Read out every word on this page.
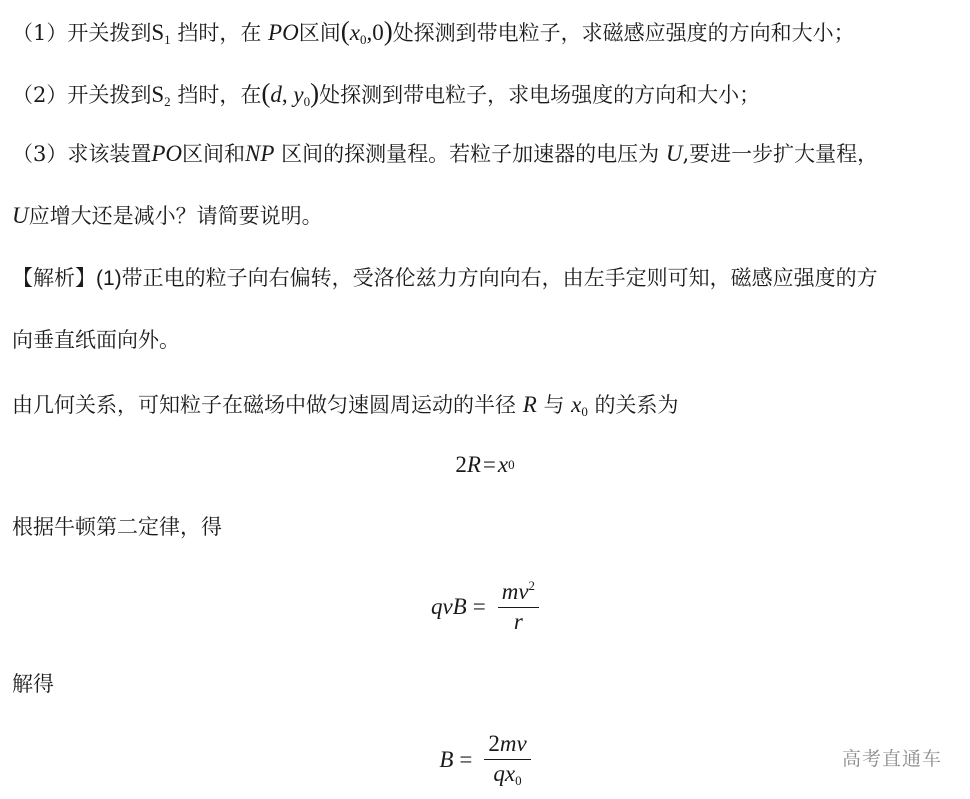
（1）开关拨到$S_1$ 挡时，在 PO区间$(x_0,0)$处探测到带电粒子，求磁感应强度的方向和大小；
（2）开关拨到$S_2$ 挡时，在(d, $y_0$)处探测到带电粒子，求电场强度的方向和大小；
（3）求该装置PO区间和NP 区间的探测量程。若粒子加速器的电压为 U,要进一步扩大量程，
U应增大还是减小？请简要说明。
【解析】(1)带正电的粒子向右偏转，受洛伦兹力方向向右，由左手定则可知，磁感应强度的方
向垂直纸面向外。
由几何关系，可知粒子在磁场中做匀速圆周运动的半径 R 与 $x_0$ 的关系为
2 R = x 0
根据牛顿第二定律，得
qvB = $\frac{mv^2}{r}$
解得
$B = \frac{2mv}{qx_0}$	高考直通车
